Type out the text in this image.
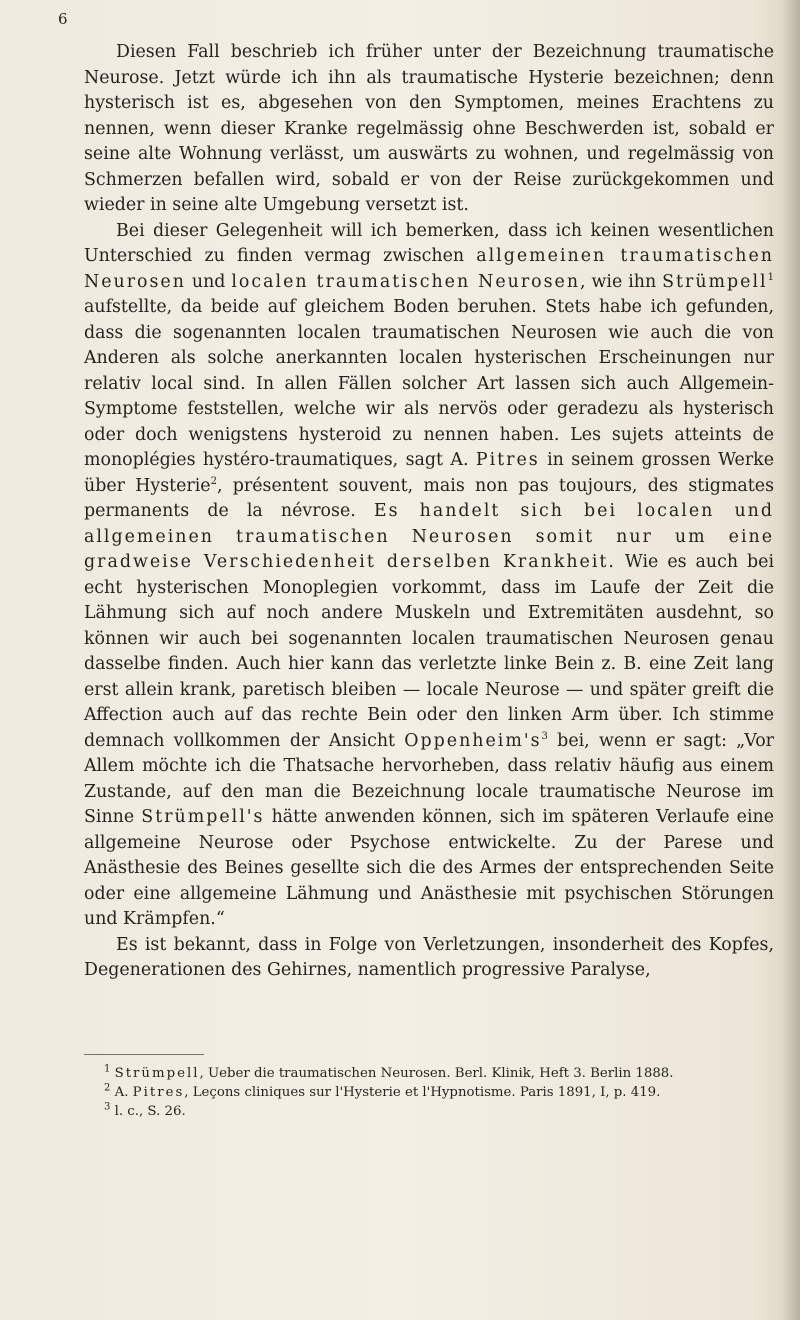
6

Diesen Fall beschrieb ich früher unter der Bezeichnung traumatische Neurose. Jetzt würde ich ihn als traumatische Hysterie bezeichnen; denn hysterisch ist es, abgesehen von den Symptomen, meines Erachtens zu nennen, wenn dieser Kranke regelmässig ohne Beschwerden ist, sobald er seine alte Wohnung verlässt, um auswärts zu wohnen, und regelmässig von Schmerzen befallen wird, sobald er von der Reise zurückgekommen und wieder in seine alte Umgebung versetzt ist.

Bei dieser Gelegenheit will ich bemerken, dass ich keinen wesentlichen Unterschied zu finden vermag zwischen allgemeinen traumatischen Neurosen und localen traumatischen Neurosen, wie ihn Strümpell$^1$ aufstellte, da beide auf gleichem Boden beruhen. Stets habe ich gefunden, dass die sogenannten localen traumatischen Neurosen wie auch die von Anderen als solche anerkannten localen hysterischen Erscheinungen nur relativ local sind. In allen Fällen solcher Art lassen sich auch Allgemein-Symptome feststellen, welche wir als nervös oder geradezu als hysterisch oder doch wenigstens hysteroid zu nennen haben. Les sujets atteints de monoplégies hystéro-traumatiques, sagt A. Pitres in seinem grossen Werke über Hysterie$^2$, présentent souvent, mais non pas toujours, des stigmates permanents de la névrose. Es handelt sich bei localen und allgemeinen traumatischen Neurosen somit nur um eine gradweise Verschiedenheit derselben Krankheit. Wie es auch bei echt hysterischen Monoplegien vorkommt, dass im Laufe der Zeit die Lähmung sich auf noch andere Muskeln und Extremitäten ausdehnt, so können wir auch bei sogenannten localen traumatischen Neurosen genau dasselbe finden. Auch hier kann das verletzte linke Bein z. B. eine Zeit lang erst allein krank, paretisch bleiben — locale Neurose — und später greift die Affection auch auf das rechte Bein oder den linken Arm über. Ich stimme demnach vollkommen der Ansicht $Oppenheim's^3$ bei, wenn er sagt: „Vor Allem möchte ich die Thatsache hervorheben, dass relativ häufig aus einem Zustande, auf den man die Bezeichnung locale traumatische Neurose im Sinne Strümpell's hätte anwenden können, sich im späteren Verlaufe eine allgemeine Neurose oder Psychose entwickelte. Zu der Parese und Anästhesie des Beines gesellte sich die des Armes der entsprechenden Seite oder eine allgemeine Lähmung und Anästhesie mit psychischen Störungen und Krämpfen.“

Es ist bekannt, dass in Folge von Verletzungen, insonderheit des Kopfes, Degenerationen des Gehirnes, namentlich progressive Paralyse,

$^1$ Strümpell, Ueber die traumatischen Neurosen. Berl. Klinik, Heft 3. Berlin 1888.

$^2$ A. Pitres, Leçons cliniques sur l'Hysterie et l'Hypnotisme. Paris 1891, I, p. 419.

$^3$ l. c., S. 26.
